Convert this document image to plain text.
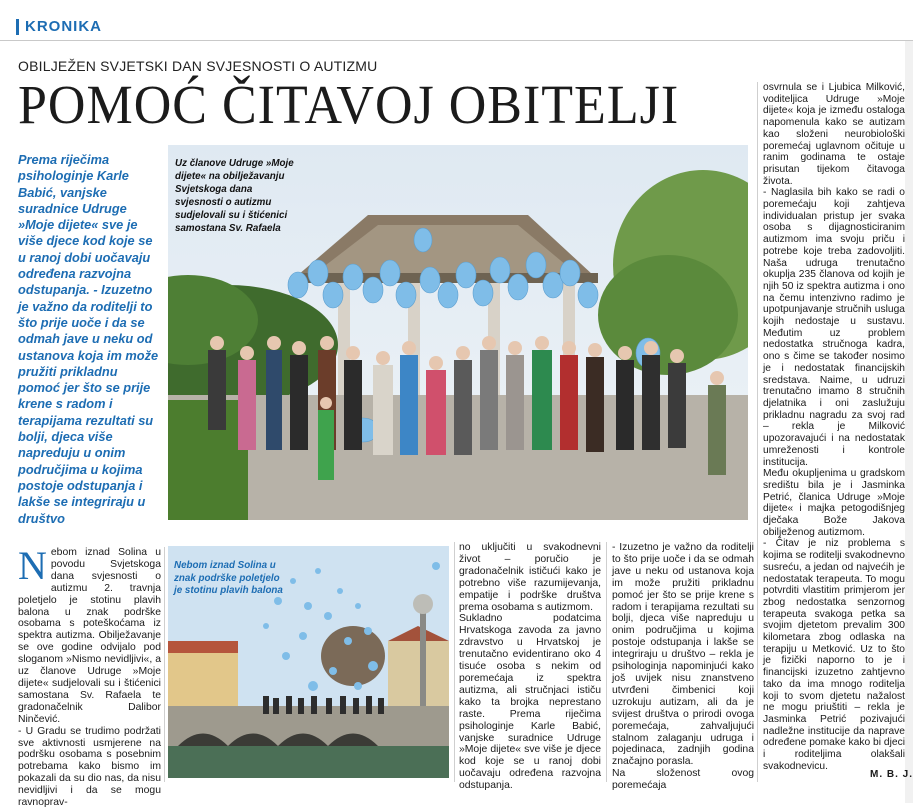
KRONIKA
OBILJEŽEN SVJETSKI DAN SVJESNOSTI O AUTIZMU
POMOĆ ČITAVOJ OBITELJI

Prema riječima psihologinje Karle Babić, vanjske suradnice Udruge »Moje dijete« sve je više djece kod koje se u ranoj dobi uočavaju određena razvojna odstupanja. - Izuzetno je važno da roditelji to što prije uoče i da se odmah jave u neku od ustanova koja im može pružiti prikladnu pomoć jer što se prije krene s radom i terapijama rezultati su bolji, djeca više napreduju u onim područjima u kojima postoje odstupanja i lakše se integriraju u društvo

Uz članove Udruge »Moje dijete« na obilježavanju Svjetskoga dana svjesnosti o autizmu sudjelovali su i štićenici samostana Sv. Rafaela
Nebom iznad Solina u znak podrške poletjelo je stotinu plavih balona
Nebom iznad Solina u povodu Svjetskoga dana svjesnosti o autizmu 2. travnja poletjelo je stotinu plavih balona u znak podrške osobama s poteškoćama iz spektra autizma. Obilježavanje se ove godine odvijalo pod sloganom »Nismo nevidljivi«, a uz članove Udruge »Moje dijete« sudjelovali su i štićenici samostana Sv. Rafaela te gradonačelnik Dalibor Ninčević.
- U Gradu se trudimo podržati sve aktivnosti usmjerene na podršku osobama s posebnim potrebama kako bismo im pokazali da su dio nas, da nisu nevidljivi i da se mogu ravnoprav-
no uključiti u svakodnevni život – poručio je gradonačelnik ističući kako je potrebno više razumijevanja, empatije i podrške društva prema osobama s autizmom.
Sukladno podatcima Hrvatskoga zavoda za javno zdravstvo u Hrvatskoj je trenutačno evidentirano oko 4 tisuće osoba s nekim od poremećaja iz spektra autizma, ali stručnjaci ističu kako ta brojka neprestano raste. Prema riječima psihologinje Karle Babić, vanjske suradnice Udruge »Moje dijete« sve više je djece kod koje se u ranoj dobi uočavaju određena razvojna odstupanja.
- Izuzetno je važno da roditelji to što prije uoče i da se odmah jave u neku od ustanova koja im može pružiti prikladnu pomoć jer što se prije krene s radom i terapijama rezultati su bolji, djeca više napreduju u onim područjima u kojima postoje odstupanja i lakše se integriraju u društvo – rekla je psihologinja napominjući kako još uvijek nisu znanstveno utvrđeni čimbenici koji uzrokuju autizam, ali da je svijest društva o prirodi ovoga poremećaja, zahvaljujući stalnom zalaganju udruga i pojedinaca, zadnjih godina značajno porasla.
Na složenost ovog poremećaja
osvrnula se i Ljubica Milković, voditeljica Udruge »Moje dijete« koja je između ostaloga napomenula kako se autizam kao složeni neurobiološki poremećaj uglavnom očituje u ranim godinama te ostaje prisutan tijekom čitavoga života.
- Naglasila bih kako se radi o poremećaju koji zahtjeva individualan pristup jer svaka osoba s dijagnosticiranim autizmom ima svoju priču i potrebe koje treba zadovoljiti. Naša udruga trenutačno okuplja 235 članova od kojih je njih 50 iz spektra autizma i ono na čemu intenzivno radimo je upotpunjavanje stručnih usluga kojih nedostaje u sustavu. Međutim uz problem nedostatka stručnoga kadra, ono s čime se također nosimo je i nedostatak financijskih sredstava. Naime, u udruzi trenutačno imamo 8 stručnih djelatnika i oni zaslužuju prikladnu nagradu za svoj rad – rekla je Milković upozoravajući i na nedostatak umreženosti i kontrole institucija.
Među okupljenima u gradskom središtu bila je i Jasminka Petrić, članica Udruge »Moje dijete« i majka petogodišnjeg dječaka Bože Jakova obilježenog autizmom.
- Čitav je niz problema s kojima se roditelji svakodnevno susreću, a jedan od najvećih je nedostatak terapeuta. To mogu potvrditi vlastitim primjerom jer zbog nedostatka senzornog terapeuta svakoga petka sa svojim djetetom prevalim 300 kilometara zbog odlaska na terapiju u Metković. Uz to što je fizički naporno to je i financijski izuzetno zahtjevno tako da ima mnogo roditelja koji to svom djetetu nažalost ne mogu priuštiti – rekla je Jasminka Petrić pozivajući nadležne institucije da naprave određene pomake kako bi djeci i roditeljima olakšali svakodnevicu.
M. B. J.
